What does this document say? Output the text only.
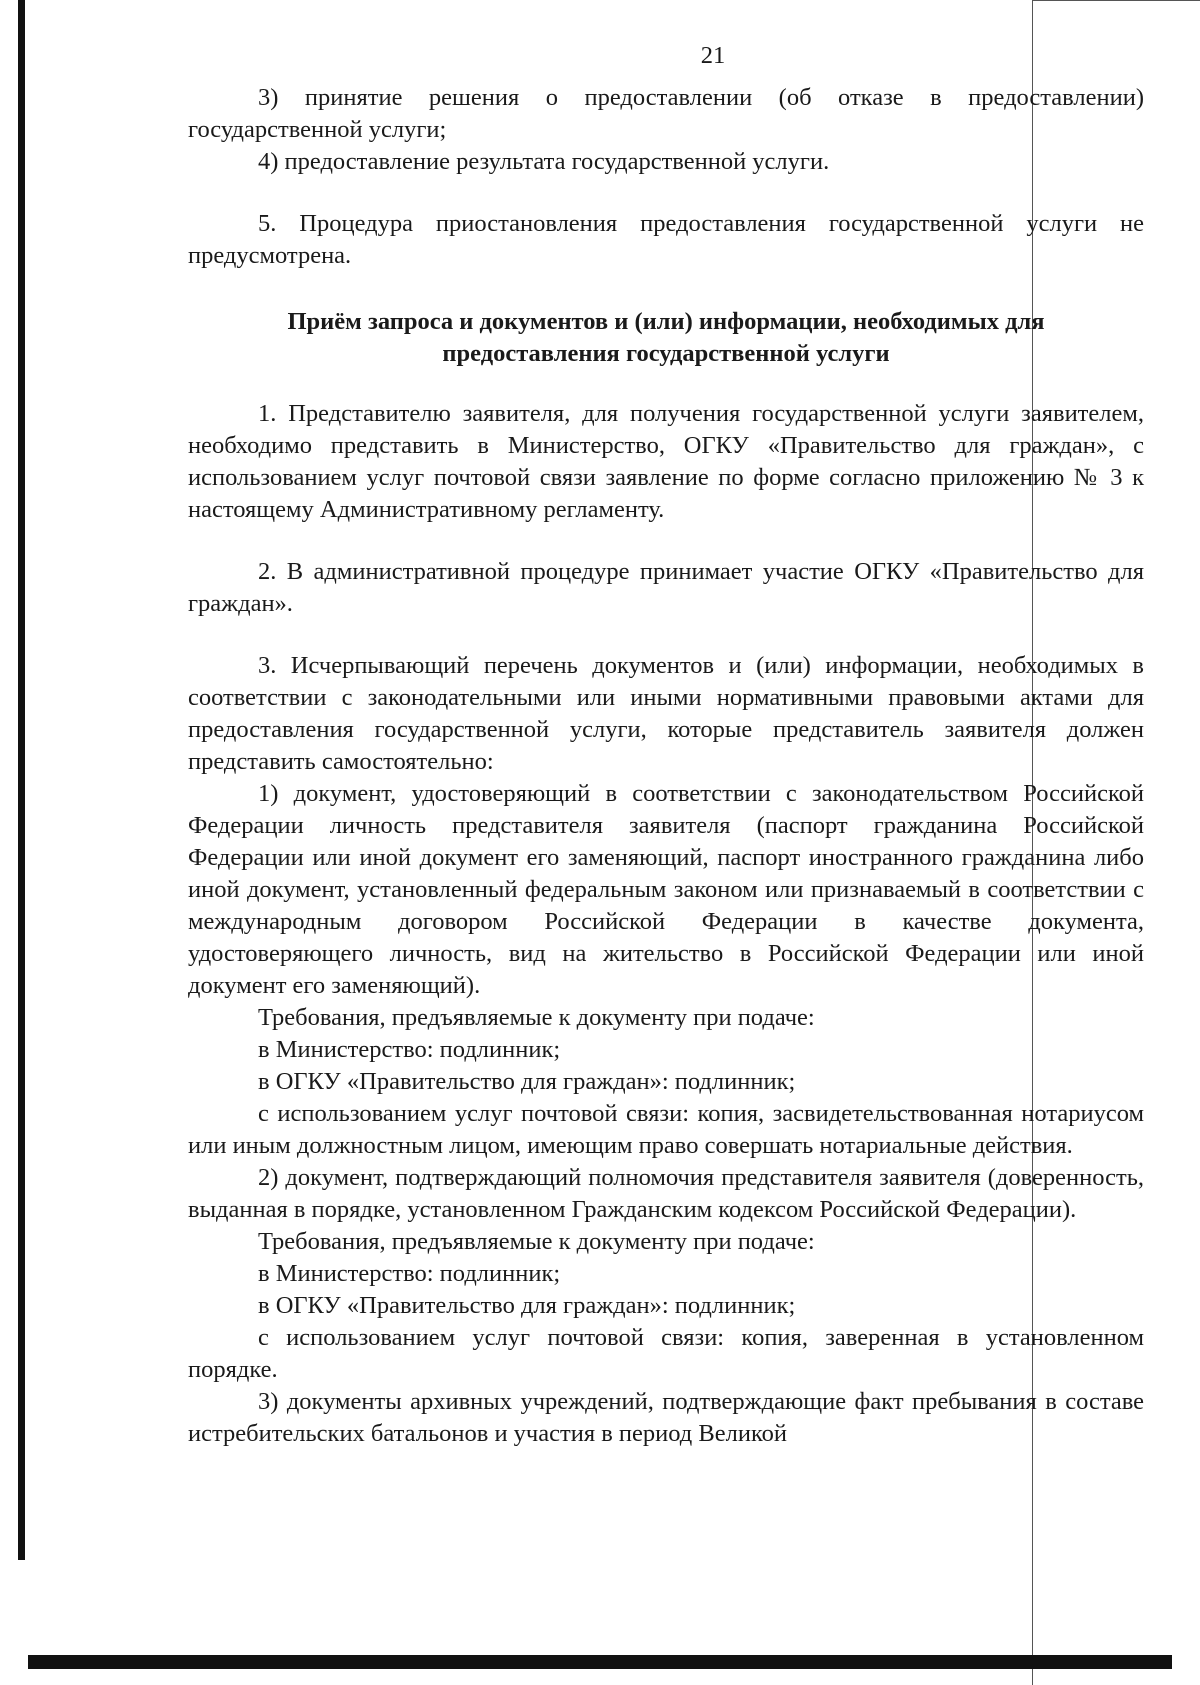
21

3) принятие решения о предоставлении (об отказе в предоставлении) государственной услуги;

4) предоставление результата государственной услуги.

5. Процедура приостановления предоставления государственной услуги не предусмотрена.

Приём запроса и документов и (или) информации, необходимых для
предоставления государственной услуги

1. Представителю заявителя, для получения государственной услуги заявителем, необходимо представить в Министерство, ОГКУ «Правительство для граждан», с использованием услуг почтовой связи заявление по форме согласно приложению № 3 к настоящему Административному регламенту.

2. В административной процедуре принимает участие ОГКУ «Правительство для граждан».

3. Исчерпывающий перечень документов и (или) информации, необходимых в соответствии с законодательными или иными нормативными правовыми актами для предоставления государственной услуги, которые представитель заявителя должен представить самостоятельно:

1) документ, удостоверяющий в соответствии с законодательством Российской Федерации личность представителя заявителя (паспорт гражданина Российской Федерации или иной документ его заменяющий, паспорт иностранного гражданина либо иной документ, установленный федеральным законом или признаваемый в соответствии с международным договором Российской Федерации в качестве документа, удостоверяющего личность, вид на жительство в Российской Федерации или иной документ его заменяющий).

Требования, предъявляемые к документу при подаче:

в Министерство: подлинник;

в ОГКУ «Правительство для граждан»: подлинник;

с использованием услуг почтовой связи: копия, засвидетельствованная нотариусом или иным должностным лицом, имеющим право совершать нотариальные действия.

2) документ, подтверждающий полномочия представителя заявителя (доверенность, выданная в порядке, установленном Гражданским кодексом Российской Федерации).

Требования, предъявляемые к документу при подаче:

в Министерство: подлинник;

в ОГКУ «Правительство для граждан»: подлинник;

с использованием услуг почтовой связи: копия, заверенная в установленном порядке.

3) документы архивных учреждений, подтверждающие факт пребывания в составе истребительских батальонов и участия в период Великой
